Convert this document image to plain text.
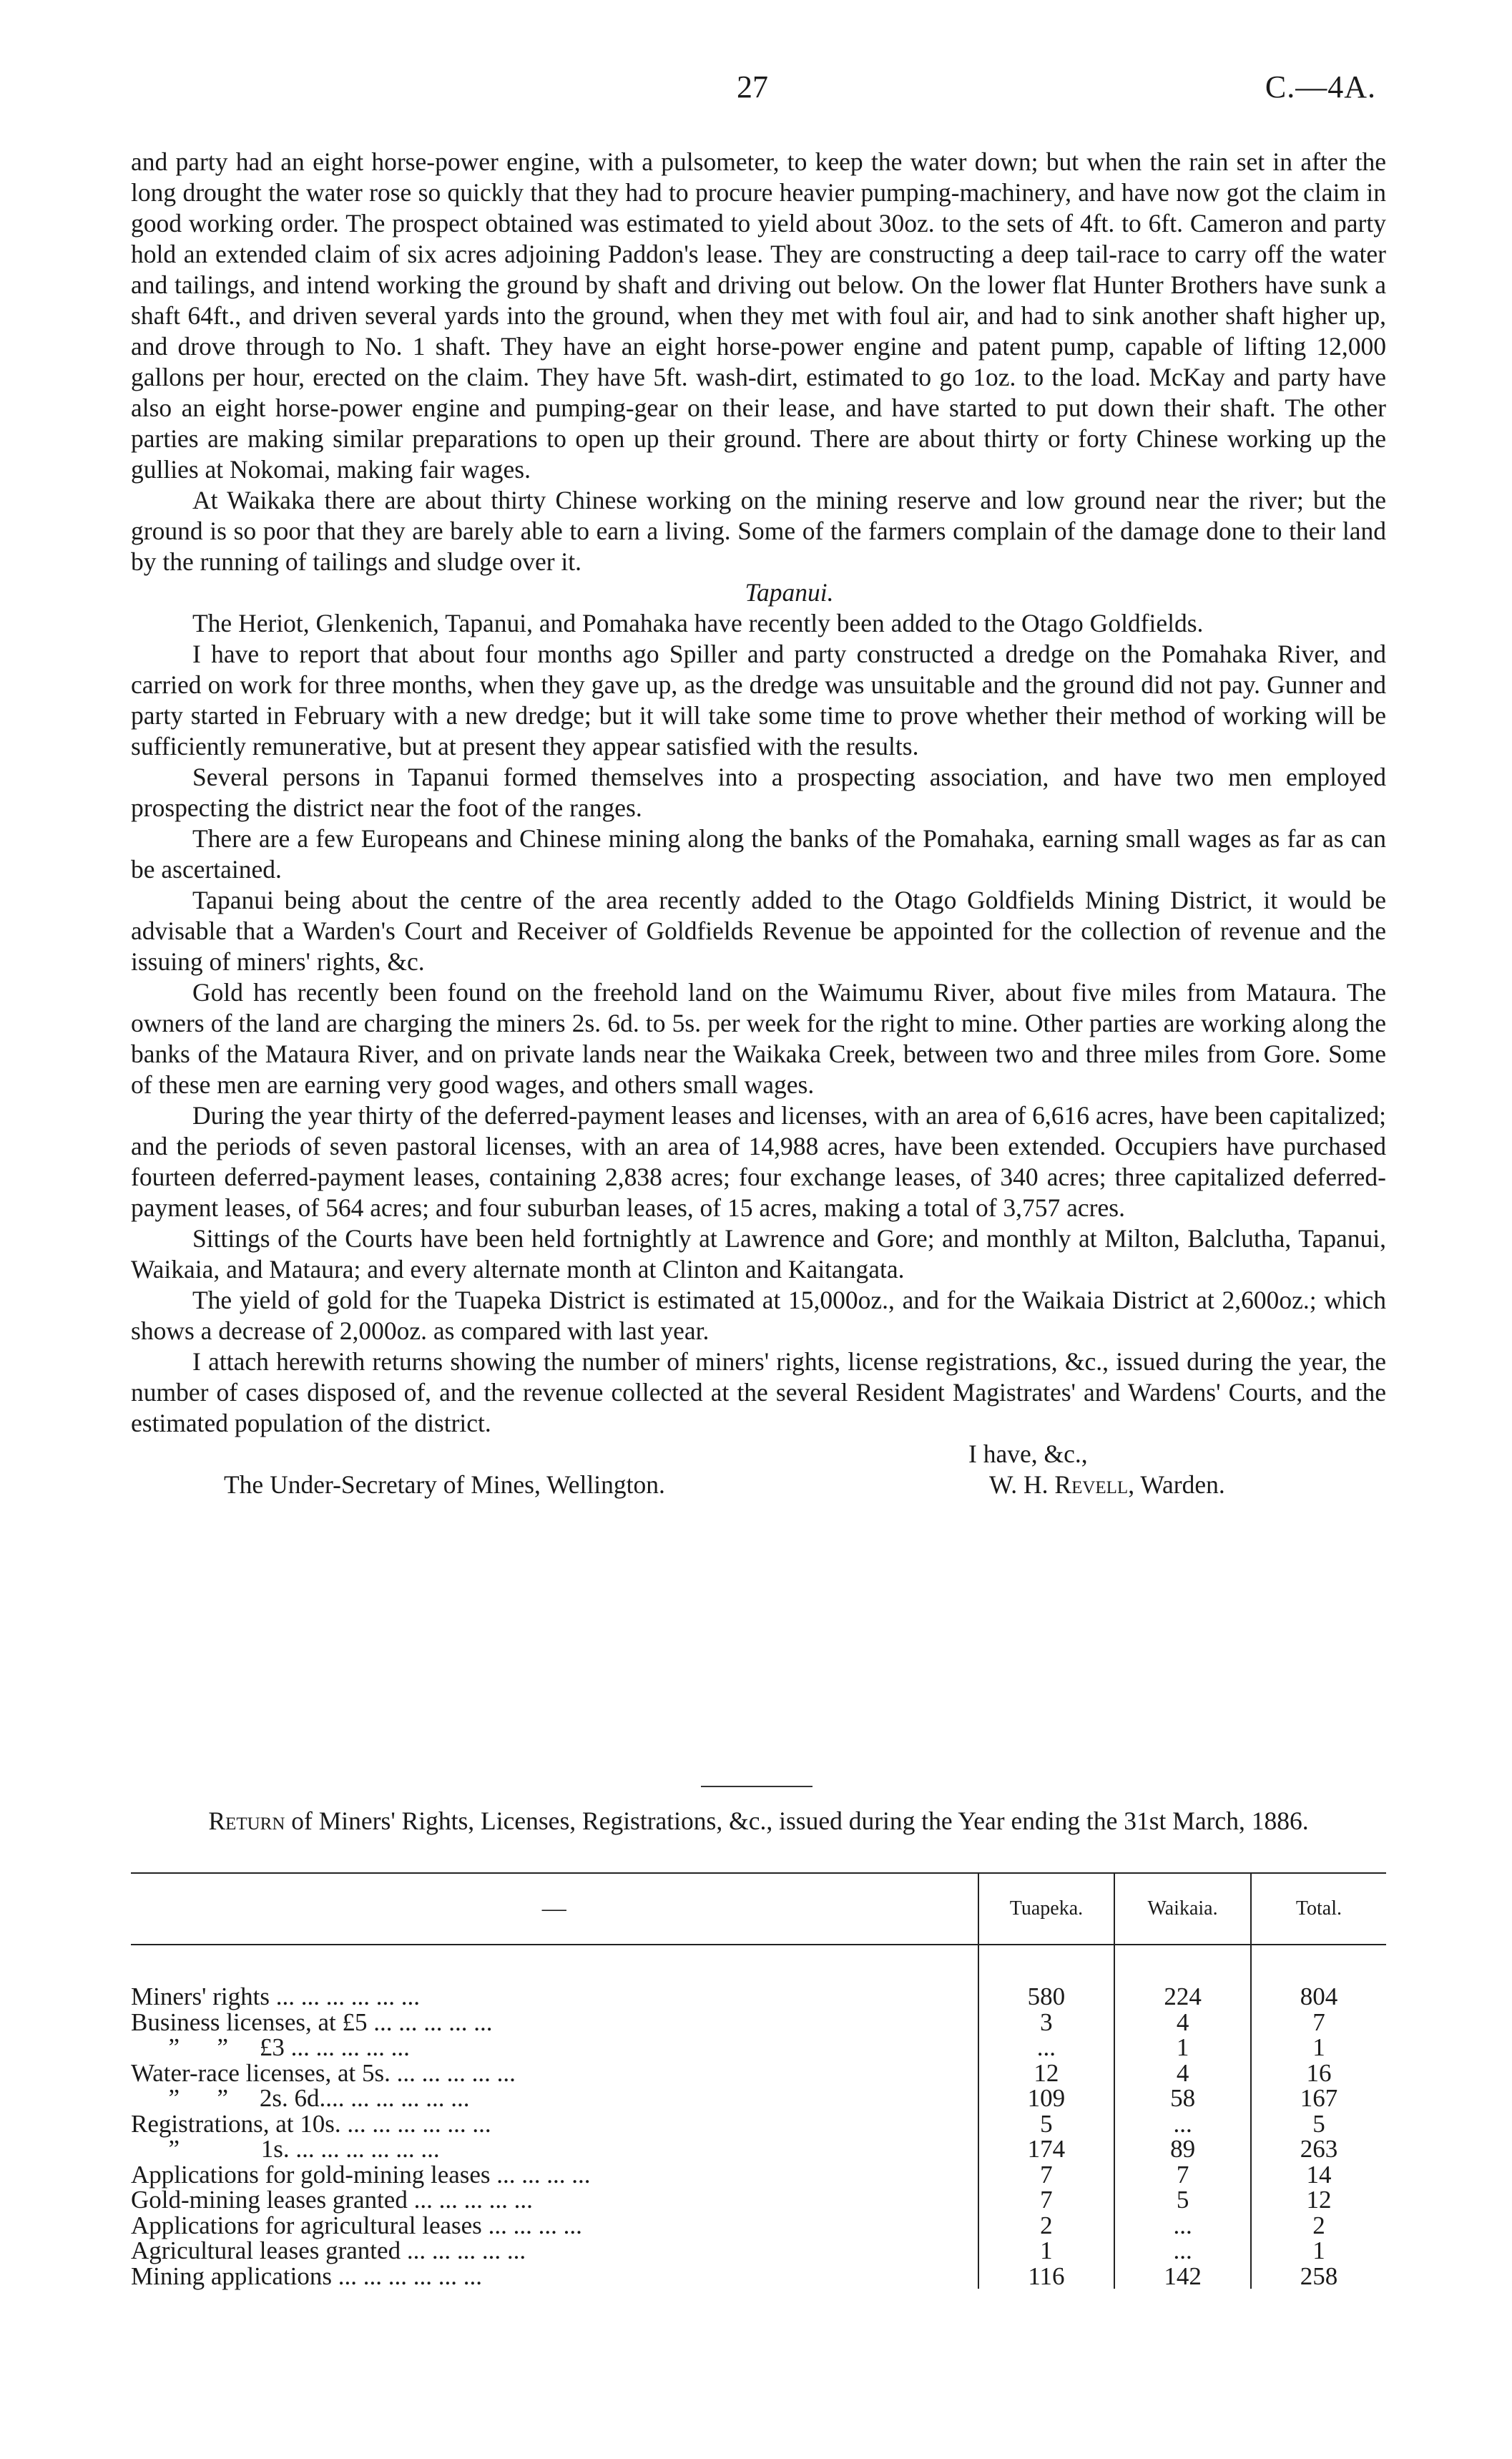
27	C.—4A.

and party had an eight horse-power engine, with a pulsometer, to keep the water down; but when the rain set in after the long drought the water rose so quickly that they had to procure heavier pumping-machinery, and have now got the claim in good working order. The prospect obtained was estimated to yield about 30oz. to the sets of 4ft. to 6ft. Cameron and party hold an extended claim of six acres adjoining Paddon's lease. They are constructing a deep tail-race to carry off the water and tailings, and intend working the ground by shaft and driving out below. On the lower flat Hunter Brothers have sunk a shaft 64ft., and driven several yards into the ground, when they met with foul air, and had to sink another shaft higher up, and drove through to No. 1 shaft. They have an eight horse-power engine and patent pump, capable of lifting 12,000 gallons per hour, erected on the claim. They have 5ft. wash-dirt, estimated to go 1oz. to the load. McKay and party have also an eight horse-power engine and pumping-gear on their lease, and have started to put down their shaft. The other parties are making similar preparations to open up their ground. There are about thirty or forty Chinese working up the gullies at Nokomai, making fair wages.

At Waikaka there are about thirty Chinese working on the mining reserve and low ground near the river; but the ground is so poor that they are barely able to earn a living. Some of the farmers complain of the damage done to their land by the running of tailings and sludge over it.

Tapanui.

The Heriot, Glenkenich, Tapanui, and Pomahaka have recently been added to the Otago Goldfields.

I have to report that about four months ago Spiller and party constructed a dredge on the Pomahaka River, and carried on work for three months, when they gave up, as the dredge was unsuitable and the ground did not pay. Gunner and party started in February with a new dredge; but it will take some time to prove whether their method of working will be sufficiently remunerative, but at present they appear satisfied with the results.

Several persons in Tapanui formed themselves into a prospecting association, and have two men employed prospecting the district near the foot of the ranges.

There are a few Europeans and Chinese mining along the banks of the Pomahaka, earning small wages as far as can be ascertained.

Tapanui being about the centre of the area recently added to the Otago Goldfields Mining District, it would be advisable that a Warden's Court and Receiver of Goldfields Revenue be appointed for the collection of revenue and the issuing of miners' rights, &c.

Gold has recently been found on the freehold land on the Waimumu River, about five miles from Mataura. The owners of the land are charging the miners 2s. 6d. to 5s. per week for the right to mine. Other parties are working along the banks of the Mataura River, and on private lands near the Waikaka Creek, between two and three miles from Gore. Some of these men are earning very good wages, and others small wages.

During the year thirty of the deferred-payment leases and licenses, with an area of 6,616 acres, have been capitalized; and the periods of seven pastoral licenses, with an area of 14,988 acres, have been extended. Occupiers have purchased fourteen deferred-payment leases, containing 2,838 acres; four exchange leases, of 340 acres; three capitalized deferred-payment leases, of 564 acres; and four suburban leases, of 15 acres, making a total of 3,757 acres.

Sittings of the Courts have been held fortnightly at Lawrence and Gore; and monthly at Milton, Balclutha, Tapanui, Waikaia, and Mataura; and every alternate month at Clinton and Kaitangata.

The yield of gold for the Tuapeka District is estimated at 15,000oz., and for the Waikaia District at 2,600oz.; which shows a decrease of 2,000oz. as compared with last year.

I attach herewith returns showing the number of miners' rights, license registrations, &c., issued during the year, the number of cases disposed of, and the revenue collected at the several Resident Magistrates' and Wardens' Courts, and the estimated population of the district.

I have, &c.,

The Under-Secretary of Mines, Wellington.	W. H. Revell, Warden.
Return of Miners' Rights, Licenses, Registrations, &c., issued during the Year ending the 31st March, 1886.
—	Tuapeka.	Waikaia.	Total.
Miners' rights ... ... ... ... ... ...	580	224	804
Business licenses, at £5 ... ... ... ... ...	3	4	7
”      ”     £3 ... ... ... ... ...	...	1	1
Water-race licenses, at 5s. ... ... ... ... ...	12	4	16
”      ”     2s. 6d.... ... ... ... ... ...	109	58	167
Registrations, at 10s. ... ... ... ... ... ...	5	...	5
”             1s. ... ... ... ... ... ...	174	89	263
Applications for gold-mining leases ... ... ... ...	7	7	14
Gold-mining leases granted ... ... ... ... ...	7	5	12
Applications for agricultural leases ... ... ... ...	2	...	2
Agricultural leases granted ... ... ... ... ...	1	...	1
Mining applications ... ... ... ... ... ...	116	142	258
